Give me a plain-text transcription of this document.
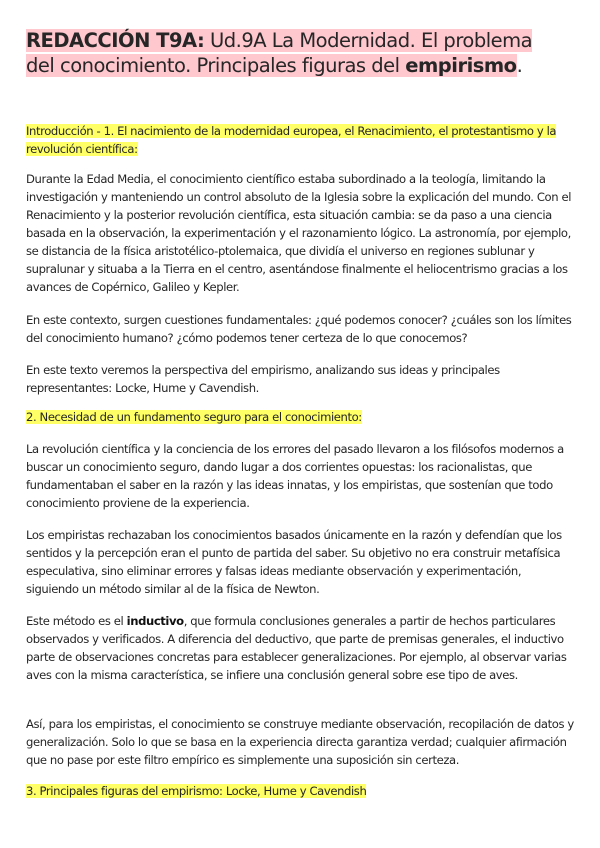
REDACCIÓN T9A: Ud.9A La Modernidad. El problema del conocimiento. Principales figuras del empirismo.
Introducción - 1. El nacimiento de la modernidad europea, el Renacimiento, el protestantismo y la revolución científica:

Durante la Edad Media, el conocimiento científico estaba subordinado a la teología, limitando la investigación y manteniendo un control absoluto de la Iglesia sobre la explicación del mundo. Con el Renacimiento y la posterior revolución científica, esta situación cambia: se da paso a una ciencia basada en la observación, la experimentación y el razonamiento lógico. La astronomía, por ejemplo, se distancia de la física aristotélico-ptolemaica, que dividía el universo en regiones sublunar y supralunar y situaba a la Tierra en el centro, asentándose finalmente el heliocentrismo gracias a los avances de Copérnico, Galileo y Kepler.

En este contexto, surgen cuestiones fundamentales: ¿qué podemos conocer? ¿cuáles son los límites del conocimiento humano? ¿cómo podemos tener certeza de lo que conocemos?

En este texto veremos la perspectiva del empirismo, analizando sus ideas y principales representantes: Locke, Hume y Cavendish.

2. Necesidad de un fundamento seguro para el conocimiento:

La revolución científica y la conciencia de los errores del pasado llevaron a los filósofos modernos a buscar un conocimiento seguro, dando lugar a dos corrientes opuestas: los racionalistas, que fundamentaban el saber en la razón y las ideas innatas, y los empiristas, que sostenían que todo conocimiento proviene de la experiencia.

Los empiristas rechazaban los conocimientos basados únicamente en la razón y defendían que los sentidos y la percepción eran el punto de partida del saber. Su objetivo no era construir metafísica especulativa, sino eliminar errores y falsas ideas mediante observación y experimentación, siguiendo un método similar al de la física de Newton.

Este método es el inductivo, que formula conclusiones generales a partir de hechos particulares observados y verificados. A diferencia del deductivo, que parte de premisas generales, el inductivo parte de observaciones concretas para establecer generalizaciones. Por ejemplo, al observar varias aves con la misma característica, se infiere una conclusión general sobre ese tipo de aves.

Así, para los empiristas, el conocimiento se construye mediante observación, recopilación de datos y generalización. Solo lo que se basa en la experiencia directa garantiza verdad; cualquier afirmación que no pase por este filtro empírico es simplemente una suposición sin certeza.

3. Principales figuras del empirismo: Locke, Hume y Cavendish
